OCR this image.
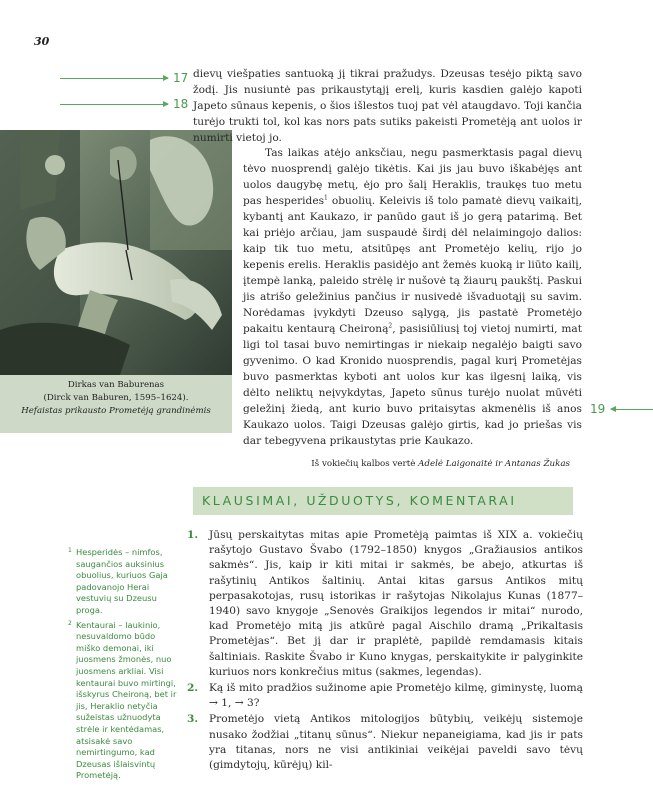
30
17
18
19
Dirkas van Baburenas
(Dirck van Baburen, 1595–1624).
Hefaistas prikausto Prometėją grandinėmis

dievų viešpaties santuoką jį tikrai pražudys. Dzeusas tesėjo piktą savo žodį. Jis nusiuntė pas prikaustytąjį erelį, kuris kasdien galėjo kapoti Japeto sūnaus kepenis, o šios išlestos tuoj pat vėl ataugdavo. Toji kančia turėjo trukti tol, kol kas nors pats sutiks pakeisti Prometėją ant uolos ir numirti vietoj jo.

Tas laikas atėjo anksčiau, negu pasmerktasis pagal dievų tėvo nuosprendį galėjo tikėtis. Kai jis jau buvo iškabėjęs ant uolos daugybę metų, ėjo pro šalį Heraklis, traukęs tuo metu pas hesperides$^1$ obuolių. Keleivis iš tolo pamatė dievų vaikaitį, kybantį ant Kaukazo, ir panūdo gaut iš jo gerą patarimą. Bet kai priėjo arčiau, jam suspaudė širdį dėl nelaimingojo dalios: kaip tik tuo metu, atsitūpęs ant Prometėjo kelių, rijo jo kepenis erelis. Heraklis pasidėjo ant žemės kuoką ir liūto kailį, įtempė lanką, paleido strėlę ir nušovė tą žiaurų paukštį. Paskui jis atrišo geležinius pančius ir nusivedė išvaduotąjį su savim. Norėdamas įvykdyti Dzeuso sąlygą, jis pastatė Prometėjo pakaitu kentaurą Cheironą$^2$, pasisiūliusį toj vietoj numirti, mat ligi tol tasai buvo nemirtingas ir niekaip negalėjo baigti savo gyvenimo. O kad Kronido nuosprendis, pagal kurį Prometėjas buvo pasmerktas kyboti ant uolos kur kas ilgesnį laiką, vis dėlto neliktų neįvykdytas, Japeto sūnus turėjo nuolat mūvėti geležinį žiedą, ant kurio buvo pritaisytas akmenėlis iš anos Kaukazo uolos. Taigi Dzeusas galėjo girtis, kad jo priešas vis dar tebegyvena prikaustytas prie Kaukazo.

Iš vokiečių kalbos vertė Adelė Laigonaitė ir Antanas Žukas
KLAUSIMAI, UŽDUOTYS, KOMENTARAI
1 Hesperidės – nimfos, saugančios auksinius obuolius, kuriuos Gaja padovanojo Herai vestuvių su Dzeusu proga.
2 Kentaurai – laukinio, nesuvaldomo būdo miško demonai, iki juosmens žmonės, nuo juosmens arkliai. Visi kentaurai buvo mirtingi, išskyrus Cheironą, bet ir jis, Heraklio netyčia sužeistas užnuodyta strėle ir kentėdamas, atsisakė savo nemirtingumo, kad Dzeusas išlaisvintų Prometėją.
1.	Jūsų perskaitytas mitas apie Prometėją paimtas iš XIX a. vokiečių rašytojo Gustavo Švabo (1792–1850) knygos „Gražiausios antikos sakmės“. Jis, kaip ir kiti mitai ir sakmės, be abejo, atkurtas iš rašytinių Antikos šaltinių. Antai kitas garsus Antikos mitų perpasakotojas, rusų istorikas ir rašytojas Nikolajus Kunas (1877–1940) savo knygoje „Senovės Graikijos legendos ir mitai“ nurodo, kad Prometėjo mitą jis atkūrė pagal Aischilo dramą „Prikaltasis Prometėjas“. Bet jį dar ir praplėtė, papildė remdamasis kitais šaltiniais. Raskite Švabo ir Kuno knygas, perskaitykite ir palyginkite kuriuos nors konkrečius mitus (sakmes, legendas).
2.	Ką iš mito pradžios sužinome apie Prometėjo kilmę, giminystę, luomą → 1, → 3?
3.	Prometėjo vietą Antikos mitologijos būtybių, veikėjų sistemoje nusako žodžiai „titanų sūnus“. Niekur nepaneigiama, kad jis ir pats yra titanas, nors ne visi antikiniai veikėjai paveldi savo tėvų (gimdytojų, kūrėjų) kil-
